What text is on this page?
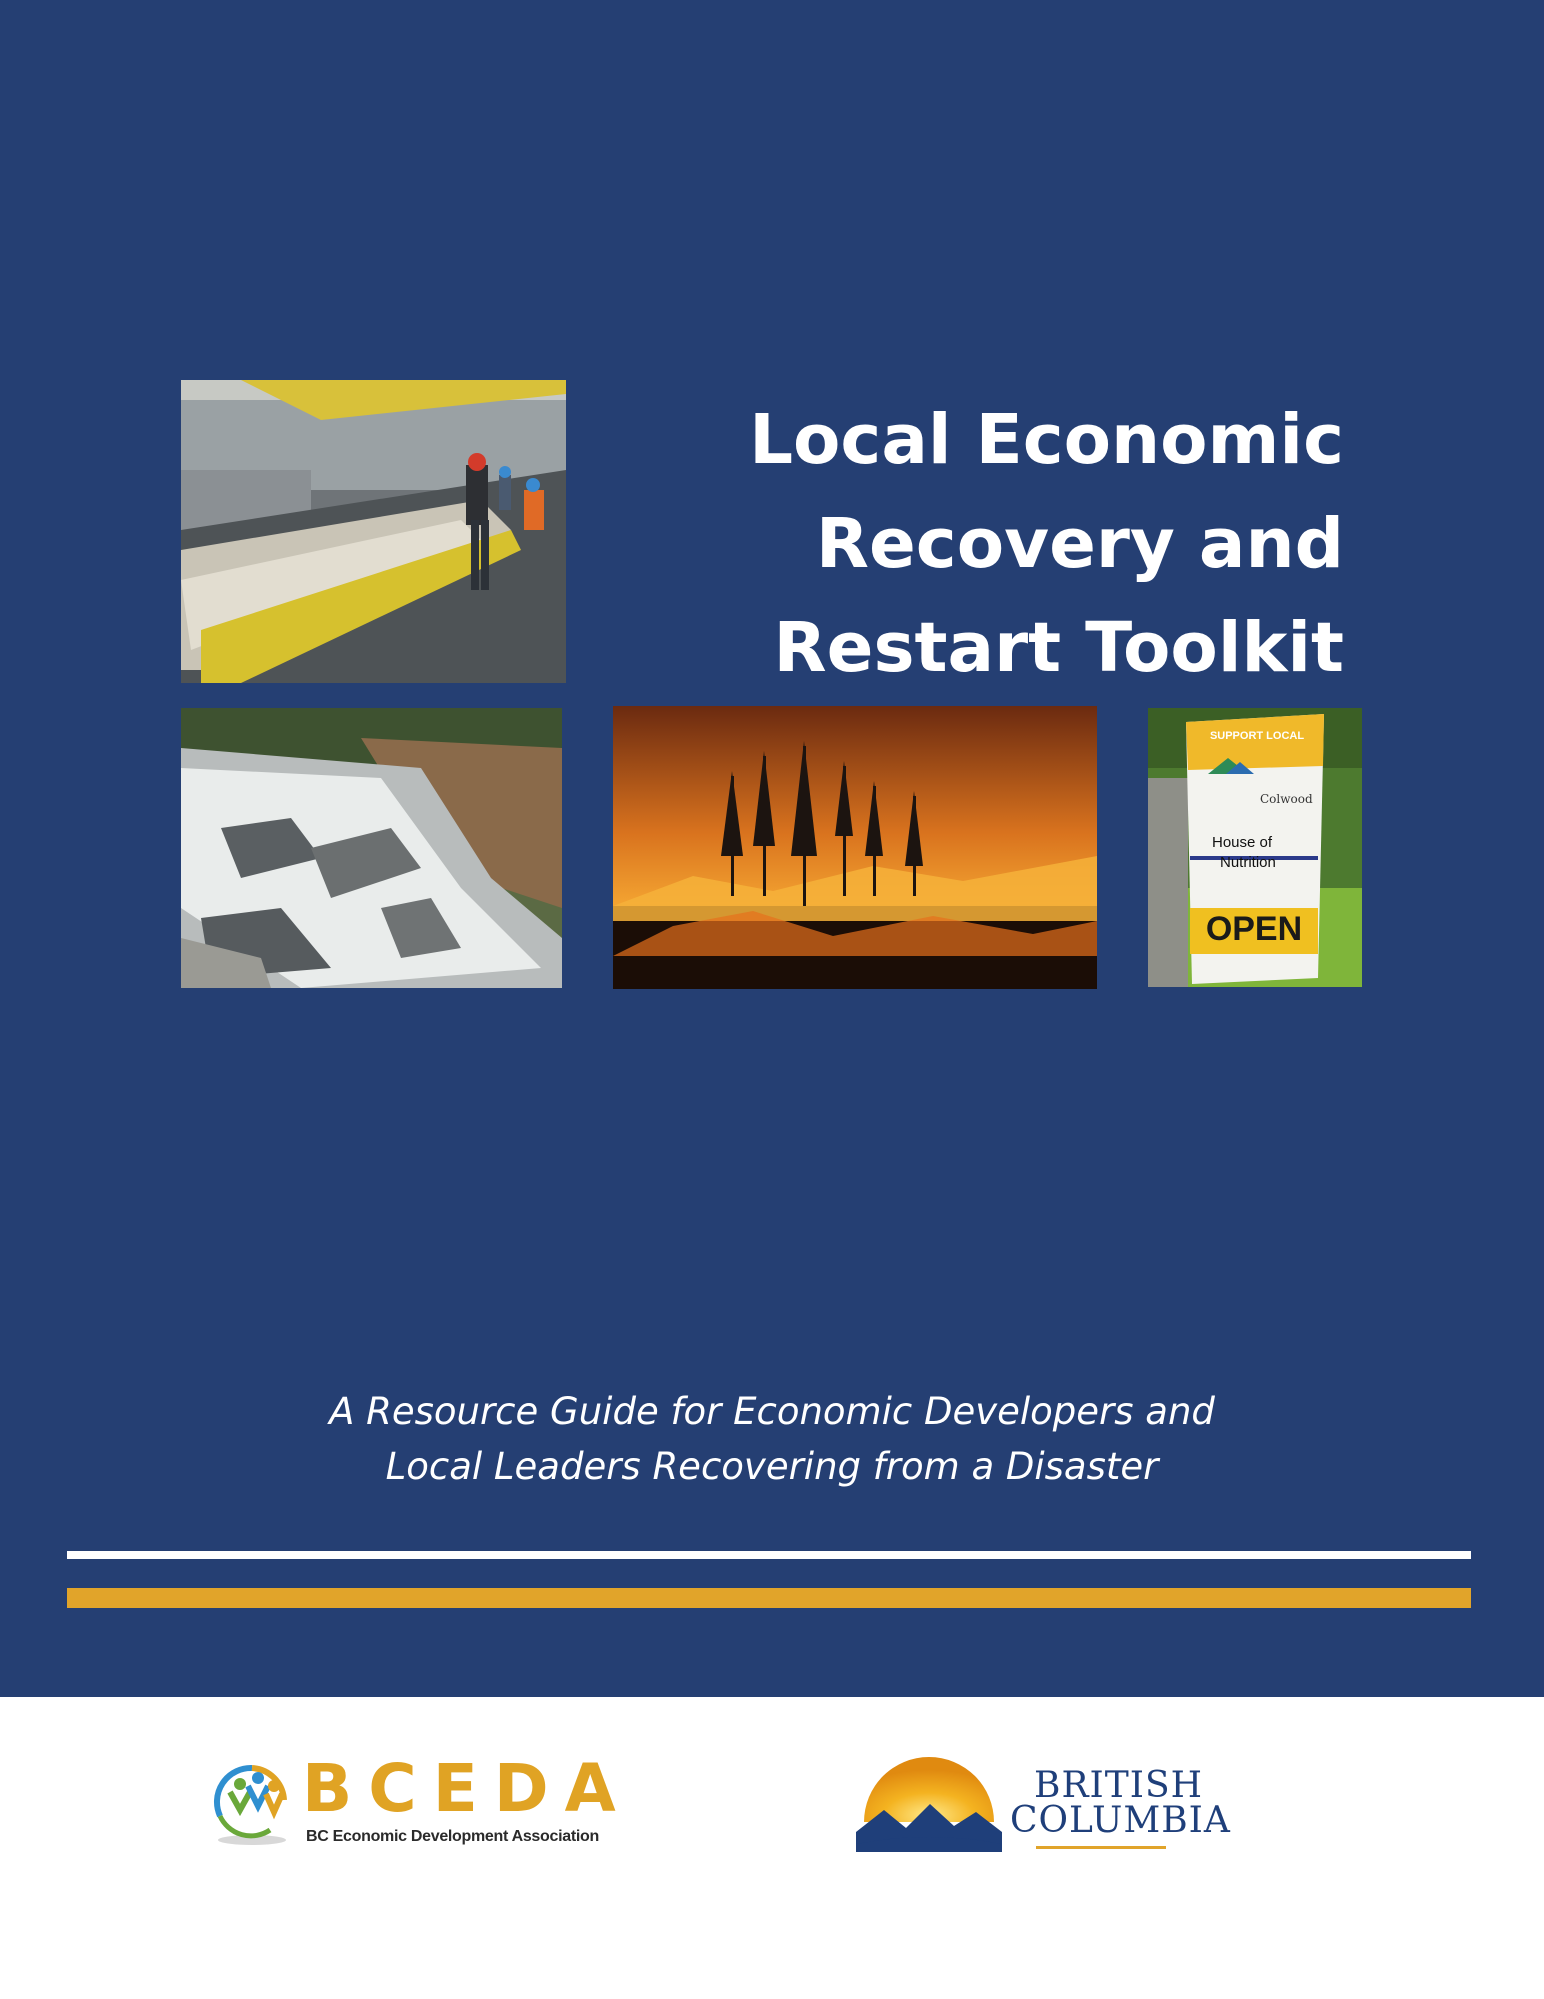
SUPPORT LOCAL
Colwood
House of
Nutrition
OPEN
Local Economic
Recovery and
Restart Toolkit
A Resource Guide for Economic Developers and
Local Leaders Recovering from a Disaster
BCEDA
BC Economic Development Association
BRITISH
COLUMBIA
